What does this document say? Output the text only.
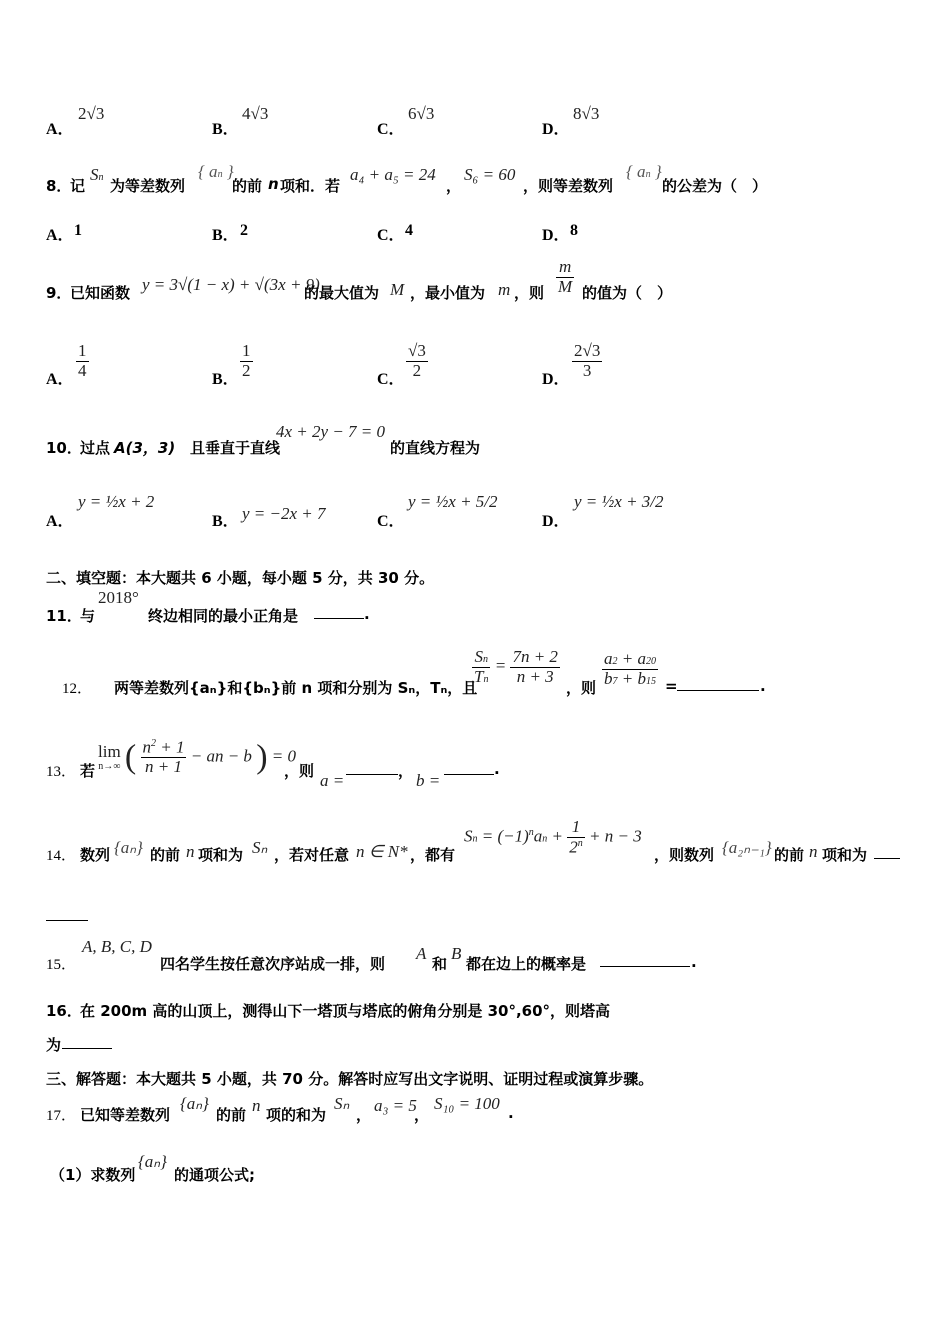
A．
2√3
B．
4√3
C．
6√3
D．
8√3
8．
记
Sn 为等差数列
{ an }
的前 n 项和．若
a₄ + a₅ = 24
，
S₆ = 60
，则等差数列
{ an }
的公差为（　）
A． 1	B． 2	C． 4	D． 8
9．
已知函数 y = 3√(1 − x) + √(3x + 9)
的最大值为 M ，最小值为 m ，则 $\frac{m}{M}$ 的值为（　）
A． $\frac{1}{4}$	B． $\frac{1}{2}$	C． $\frac{√3}{2}$	D． $\frac{2√3}{3}$
10．
过点 A(3，3) 且垂直于直线
4x + 2y − 7 = 0
的直线方程为
A．
y = ½x + 2
B． y = −2x + 7	C．
y = ½x + 5/2
D．
y = ½x + 3/2
二、填空题：本大题共 6 小题，每小题 5 分，共 30 分。
11．
与
2018°
终边相同的最小正角是	.
12． 两等差数列{aₙ}和{bₙ}前 n 项和分别为 Sₙ，Tₙ，且
$\frac{Sn}{Tn} = \frac{7n + 2}{n + 3}$
，则 $\frac{a2 + a20}{b7 + b15}$ =	.
13． 若
lim
n→∞ ( $\frac{n^2 + 1}{n + 1}$ − an − b ) = 0
，则 a =	， b =
.
14． 数列 {aₙ} 的前 n 项和为 Sₙ ，若对任意 n ∈ N* ，都有
$Sn = (-1)^nan + \frac{1}{2^n} + n - 3$
，则数列 {a₂ₙ₋₁} 的前 n 项和为
15．
A, B, C, D
四名学生按任意次序站成一排，则
A
和
B
都在边上的概率是	.
16．
在 200m 高的山顶上，测得山下一塔顶与塔底的俯角分别是 30°,60°，则塔高
为
三、解答题：本大题共 5 小题，共 70 分。解答时应写出文字说明、证明过程或演算步骤。
17． 已知等差数列
{aₙ}
的前 n 项的和为
Sₙ
， a₃ = 5
，
S₁₀ = 100 .
（1）求数列
{aₙ}
的通项公式;
